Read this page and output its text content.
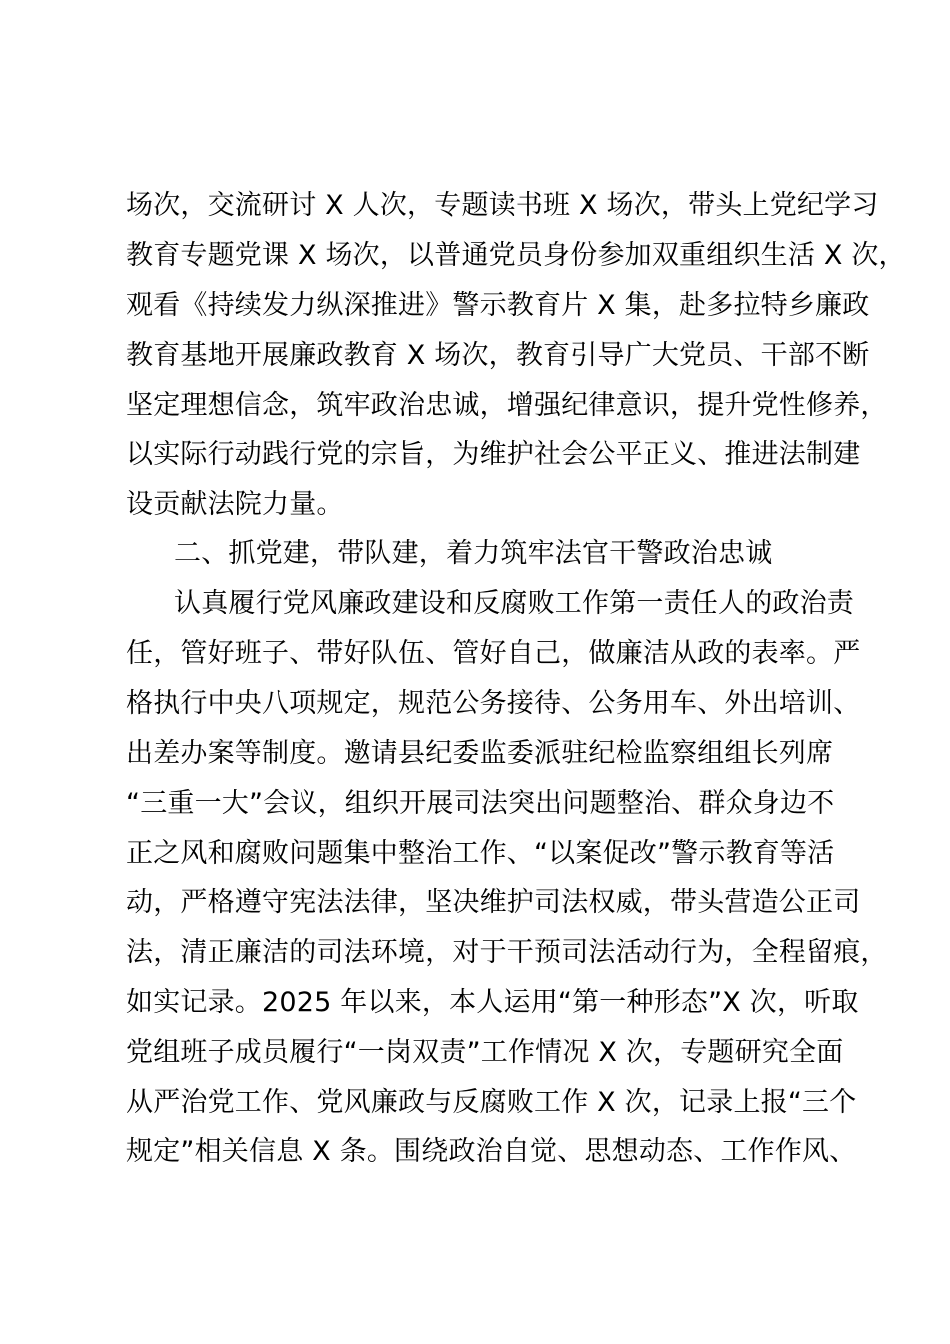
场次，交流研讨 X 人次，专题读书班 X 场次，带头上党纪学习
教育专题党课 X 场次，以普通党员身份参加双重组织生活 X 次，
观看《持续发力纵深推进》警示教育片 X 集，赴多拉特乡廉政
教育基地开展廉政教育 X 场次，教育引导广大党员、干部不断
坚定理想信念，筑牢政治忠诚，增强纪律意识，提升党性修养，
以实际行动践行党的宗旨，为维护社会公平正义、推进法制建
设贡献法院力量。
二、抓党建，带队建，着力筑牢法官干警政治忠诚
认真履行党风廉政建设和反腐败工作第一责任人的政治责
任，管好班子、带好队伍、管好自己，做廉洁从政的表率。严
格执行中央八项规定，规范公务接待、公务用车、外出培训、
出差办案等制度。邀请县纪委监委派驻纪检监察组组长列席
“三重一大”会议，组织开展司法突出问题整治、群众身边不
正之风和腐败问题集中整治工作、“以案促改”警示教育等活
动，严格遵守宪法法律，坚决维护司法权威，带头营造公正司
法，清正廉洁的司法环境，对于干预司法活动行为，全程留痕，
如实记录。2025 年以来，本人运用“第一种形态”X 次，听取
党组班子成员履行“一岗双责”工作情况 X 次，专题研究全面
从严治党工作、党风廉政与反腐败工作 X 次，记录上报“三个
规定”相关信息 X 条。围绕政治自觉、思想动态、工作作风、
